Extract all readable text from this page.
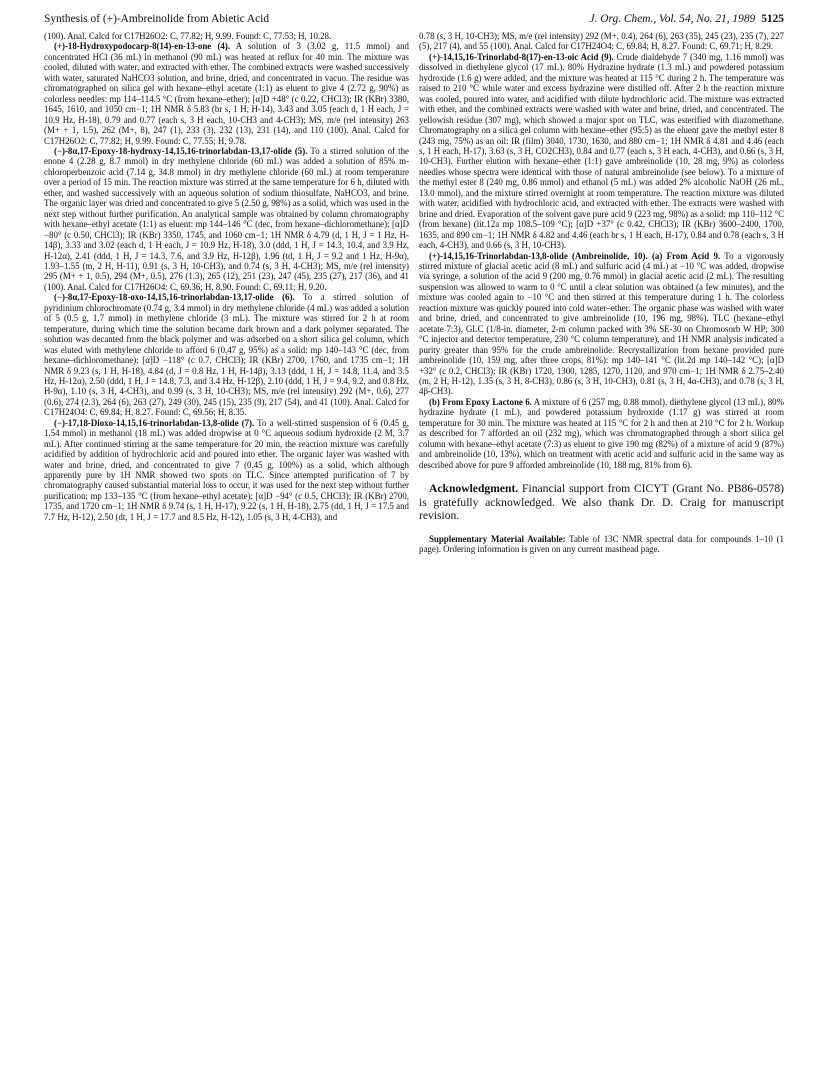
Synthesis of (+)-Ambreinolide from Abietic Acid	J. Org. Chem., Vol. 54, No. 21, 1989 5125

(100). Anal. Calcd for C17H26O2: C, 77.82; H, 9.99. Found: C, 77.53; H, 10.28.

(+)-18-Hydroxypodocarp-8(14)-en-13-one (4). A solution of 3 (3.02 g, 11.5 mmol) and concentrated HCl (36 mL) in methanol (90 mL) was heated at reflux for 40 min. The mixture was cooled, diluted with water, and extracted with ether. The combined extracts were washed successively with water, saturated NaHCO3 solution, and brine, dried, and concentrated in vacuo. The residue was chromatographed on silica gel with hexane–ethyl acetate (1:1) as eluent to give 4 (2.72 g, 90%) as colorless needles: mp 114–114.5 °C (from hexane–ether); [α]D +48° (c 0.22, CHCl3); IR (KBr) 3380, 1645, 1610, and 1050 cm−1; 1H NMR δ 5.83 (br s, 1 H, H-14), 3.43 and 3.05 (each d, 1 H each, J = 10.9 Hz, H-18), 0.79 and 0.77 (each s, 3 H each, 10-CH3 and 4-CH3); MS, m/e (rel intensity) 263 (M+ + 1, 1.5), 262 (M+, 8), 247 (1), 233 (3), 232 (13), 231 (14), and 110 (100). Anal. Calcd for C17H26O2: C, 77.82; H, 9.99. Found: C, 77.55; H, 9.78.

(−)-8α,17-Epoxy-18-hydroxy-14,15,16-trinorlabdan-13,17-olide (5). To a stirred solution of the enone 4 (2.28 g, 8.7 mmol) in dry methylene chloride (60 mL) was added a solution of 85% m-chloroperbenzoic acid (7.14 g, 34.8 mmol) in dry methylene chloride (60 mL) at room temperature over a period of 15 min. The reaction mixture was stirred at the same temperature for 6 h, diluted with ether, and washed successively with an aqueous solution of sodium thiosulfate, NaHCO3, and brine. The organic layer was dried and concentrated to give 5 (2.50 g, 98%) as a solid, which was used in the next step without further purification. An analytical sample was obtained by column chromatography with hexane–ethyl acetate (1:1) as eluent: mp 144–146 °C (dec, from hexane–dichloromethane); [α]D −80° (c 0.50, CHCl3); IR (KBr) 3350, 1745, and 1060 cm−1; 1H NMR δ 4.79 (d, 1 H, J = 1 Hz, H-14β), 3.33 and 3.02 (each d, 1 H each, J = 10.9 Hz, H-18), 3.0 (ddd, 1 H, J = 14.3, 10.4, and 3.9 Hz, H-12α), 2.41 (ddd, 1 H, J = 14.3, 7.6, and 3.9 Hz, H-12β), 1.96 (td, 1 H, J = 9.2 and 1 Hz, H-9α), 1.93–1.55 (m, 2 H, H-11), 0.91 (s, 3 H, 10-CH3), and 0.74 (s, 3 H, 4-CH3); MS, m/e (rel intensity) 295 (M+ + 1, 0.5), 294 (M+, 0.5), 276 (1.3), 265 (12), 251 (23), 247 (45), 235 (27), 217 (36), and 41 (100). Anal. Calcd for C17H26O4: C, 69.36; H, 8.90. Found: C, 69.11; H, 9.20.

(−)-8α,17-Epoxy-18-oxo-14,15,16-trinorlabdan-13,17-olide (6). To a stirred solution of pyridinium chlorochromate (0.74 g, 3.4 mmol) in dry methylene chloride (4 mL) was added a solution of 5 (0.5 g, 1.7 mmol) in methylene chloride (3 mL). The mixture was stirred for 2 h at room temperature, during which time the solution became dark brown and a dark polymer separated. The solution was decanted from the black polymer and was adsorbed on a short silica gel column, which was eluted with methylene chloride to afford 6 (0.47 g, 95%) as a solid: mp 140–143 °C (dec, from hexane–dichloromethane); [α]D −118° (c 0.7, CHCl3); IR (KBr) 2700, 1760, and 1735 cm−1; 1H NMR δ 9.23 (s, 1 H, H-18), 4.84 (d, J = 0.8 Hz, 1 H, H-14β), 3.13 (ddd, 1 H, J = 14.8, 11.4, and 3.5 Hz, H-12α), 2.50 (ddd, 1 H, J = 14.8, 7.3, and 3.4 Hz, H-12β), 2.10 (ddd, 1 H, J = 9.4, 9.2, and 0.8 Hz, H-9α), 1.10 (s, 3 H, 4-CH3), and 0.99 (s, 3 H, 10-CH3); MS, m/e (rel intensity) 292 (M+, 0.6), 277 (0.6), 274 (2.3), 264 (6), 263 (27), 249 (30), 245 (15), 235 (9), 217 (54), and 41 (100). Anal. Calcd for C17H24O4: C, 69.84; H, 8.27. Found: C, 69.56; H, 8.35.

(−)-17,18-Dioxo-14,15,16-trinorlabdan-13,8-olide (7). To a well-stirred suspension of 6 (0.45 g, 1.54 mmol) in methanol (18 mL) was added dropwise at 0 °C aqueous sodium hydroxide (2 M, 3.7 mL). After continued stirring at the same temperature for 20 min, the reaction mixture was carefully acidified by addition of hydrochloric acid and poured into ether. The organic layer was washed with water and brine, dried, and concentrated to give 7 (0.45 g, 100%) as a solid, which although apparently pure by 1H NMR showed two spots on TLC. Since attempted purification of 7 by chromatography caused substantial material loss to occur, it was used for the next step without further purification; mp 133–135 °C (from hexane–ethyl acetate); [α]D −94° (c 0.5, CHCl3); IR (KBr) 2700, 1735, and 1720 cm−1; 1H NMR δ 9.74 (s, 1 H, H-17), 9.22 (s, 1 H, H-18), 2.75 (dd, 1 H, J = 17.5 and 7.7 Hz, H-12), 2.50 (dt, 1 H, J = 17.7 and 8.5 Hz, H-12), 1.05 (s, 3 H, 4-CH3), and

0.78 (s, 3 H, 10-CH3); MS, m/e (rel intensity) 292 (M+, 0.4), 264 (6), 263 (35), 245 (23), 235 (7), 227 (5), 217 (4), and 55 (100). Anal. Calcd for C17H24O4: C, 69.84; H, 8.27. Found: C, 69.71; H, 8.29.

(+)-14,15,16-Trinorlabd-8(17)-en-13-oic Acid (9). Crude dialdehyde 7 (340 mg, 1.16 mmol) was dissolved in diethylene glycol (17 mL). 80% Hydrazine hydrate (1.3 mL) and powdered potassium hydroxide (1.6 g) were added, and the mixture was heated at 115 °C during 2 h. The temperature was raised to 210 °C while water and excess hydrazine were distilled off. After 2 h the reaction mixture was cooled, poured into water, and acidified with dilute hydrochloric acid. The mixture was extracted with ether, and the combined extracts were washed with water and brine, dried, and concentrated. The yellowish residue (307 mg), which showed a major spot on TLC, was esterified with diazomethane. Chromatography on a silica gel column with hexane–ether (95:5) as the eluent gave the methyl ester 8 (243 mg, 75%) as an oil: IR (film) 3040, 1730, 1630, and 880 cm−1; 1H NMR δ 4.81 and 4.46 (each s, 1 H each, H-17), 3.63 (s, 3 H, CO2CH3), 0.84 and 0.77 (each s, 3 H each, 4-CH3), and 0.66 (s, 3 H, 10-CH3). Further elution with hexane–ether (1:1) gave ambreinolide (10, 28 mg, 9%) as colorless needles whose spectra were identical with those of natural ambreinolide (see below). To a mixture of the methyl ester 8 (240 mg, 0.86 mmol) and ethanol (5 mL) was added 2% alcoholic NaOH (26 mL, 13.0 mmol), and the mixture stirred overnight at room temperature. The reaction mixture was diluted with water, acidified with hydrochloric acid, and extracted with ether. The extracts were washed with brine and dried. Evaporation of the solvent gave pure acid 9 (223 mg, 98%) as a solid: mp 110–112 °C (from hexane) (lit.12a mp 108.5–109 °C); [α]D +37° (c 0.42, CHCl3); IR (KBr) 3600–2400, 1700, 1635, and 890 cm−1; 1H NMR δ 4.82 and 4.46 (each br s, 1 H each, H-17), 0.84 and 0.78 (each s, 3 H each, 4-CH3), and 0.66 (s, 3 H, 10-CH3).

(+)-14,15,16-Trinorlabdan-13,8-olide (Ambreinolide, 10). (a) From Acid 9. To a vigorously stirred mixture of glacial acetic acid (8 mL) and sulfuric acid (4 mL) at −10 °C was added, dropwise via syringe, a solution of the acid 9 (200 mg, 0.76 mmol) in glacial acetic acid (2 mL). The resulting suspension was allowed to warm to 0 °C until a clear solution was obtained (a few minutes), and the mixture was cooled again to −10 °C and then stirred at this temperature during 1 h. The colorless reaction mixture was quickly poured into cold water–ether. The organic phase was washed with water and brine, dried, and concentrated to give ambreinolide (10, 196 mg, 98%). TLC (hexane–ethyl acetate 7:3), GLC (1/8-in. diameter, 2-m column packed with 3% SE-30 on Chromosorb W HP; 300 °C injector and detector temperature, 230 °C column temperature), and 1H NMR analysis indicated a purity greater than 95% for the crude ambreinolide. Recrystallization from hexane provided pure ambreinolide (10, 159 mg, after three crops, 81%): mp 140–141 °C (lit.2d mp 140–142 °C); [α]D +32° (c 0.2, CHCl3); IR (KBr) 1720, 1300, 1285, 1270, 1120, and 970 cm−1; 1H NMR δ 2.75–2.40 (m, 2 H, H-12), 1.35 (s, 3 H, 8-CH3), 0.86 (s, 3 H, 10-CH3), 0.81 (s, 3 H, 4α-CH3), and 0.78 (s, 3 H, 4β-CH3).

(b) From Epoxy Lactone 6. A mixture of 6 (257 mg, 0.88 mmol), diethylene glycol (13 mL), 80% hydrazine hydrate (1 mL), and powdered potassium hydroxide (1.17 g) was stirred at room temperature for 30 min. The mixture was heated at 115 °C for 2 h and then at 210 °C for 2 h. Workup as described for 7 afforded an oil (232 mg), which was chromatographed through a short silica gel column with hexane–ethyl acetate (7:3) as eluent to give 190 mg (82%) of a mixture of acid 9 (87%) and ambreinolide (10, 13%), which on treatment with acetic acid and sulfuric acid in the same way as described above for pure 9 afforded ambreinolide (10, 188 mg, 81% from 6).

Acknowledgment. Financial support from CICYT (Grant No. PB86-0578) is gratefully acknowledged. We also thank Dr. D. Craig for manuscript revision.

Supplementary Material Available: Table of 13C NMR spectral data for compounds 1–10 (1 page). Ordering information is given on any current masthead page.
